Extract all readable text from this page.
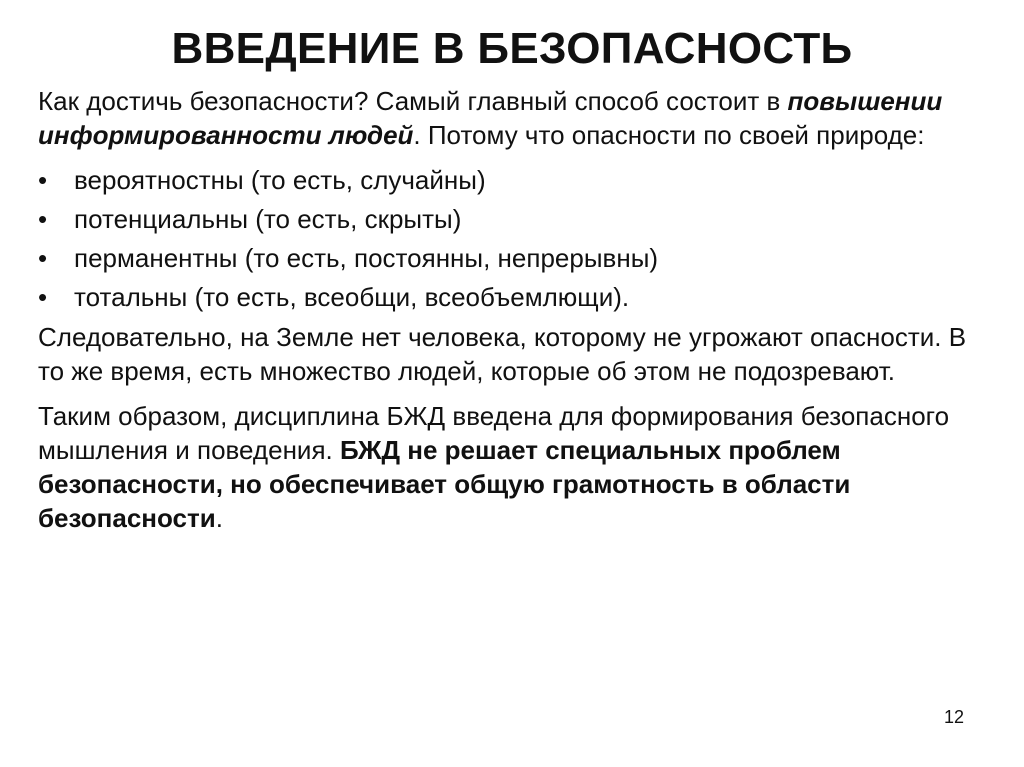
ВВЕДЕНИЕ В БЕЗОПАСНОСТЬ

Как достичь безопасности? Самый главный способ состоит в повышении информированности людей. Потому что опасности по своей природе:

•	вероятностны (то есть, случайны)
•	потенциальны (то есть, скрыты)
•	перманентны (то есть, постоянны, непрерывны)
•	тотальны (то есть, всеобщи, всеобъемлющи).

Следовательно, на Земле нет человека, которому не угрожают опасности. В то же время, есть множество людей, которые об этом не подозревают.

Таким образом, дисциплина БЖД введена для формирования безопасного мышления и поведения. БЖД не решает специальных проблем безопасности, но обеспечивает общую грамотность в области безопасности.

12
